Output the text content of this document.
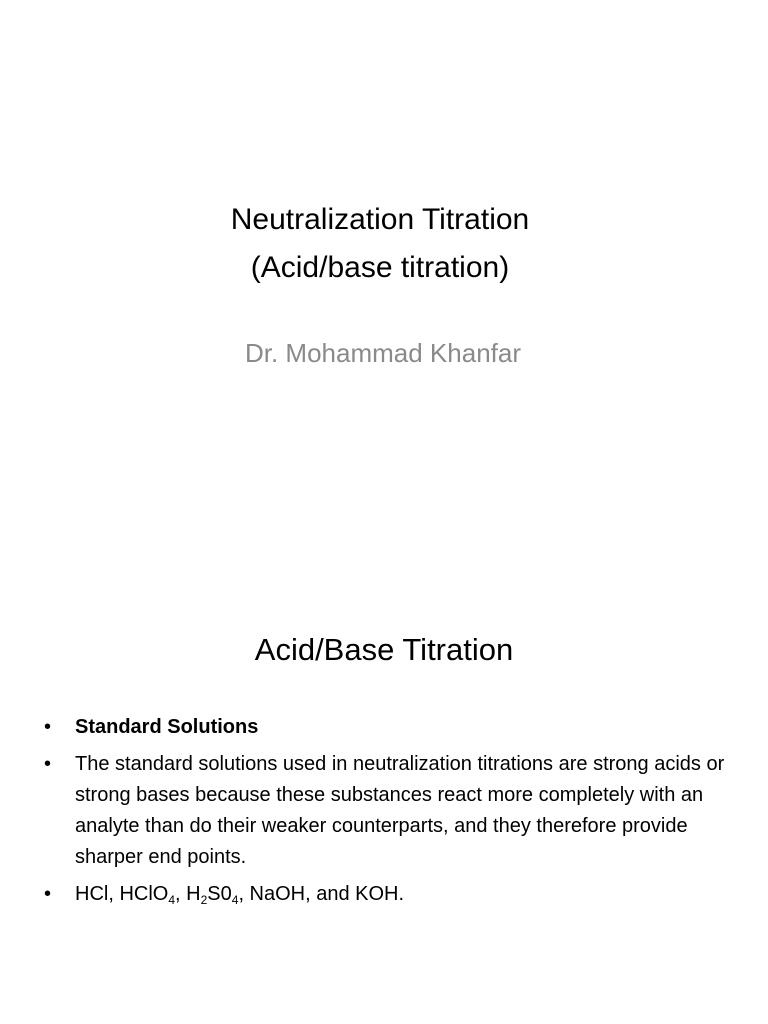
Neutralization Titration
(Acid/base titration)
Dr. Mohammad Khanfar
Acid/Base Titration
• Standard Solutions
• The standard solutions used in neutralization titrations are strong acids or strong bases because these substances react more completely with an analyte than do their weaker counterparts, and they therefore provide sharper end points.
• HCl, HClO$_4$, $H_2S0_4$, NaOH, and KOH.
